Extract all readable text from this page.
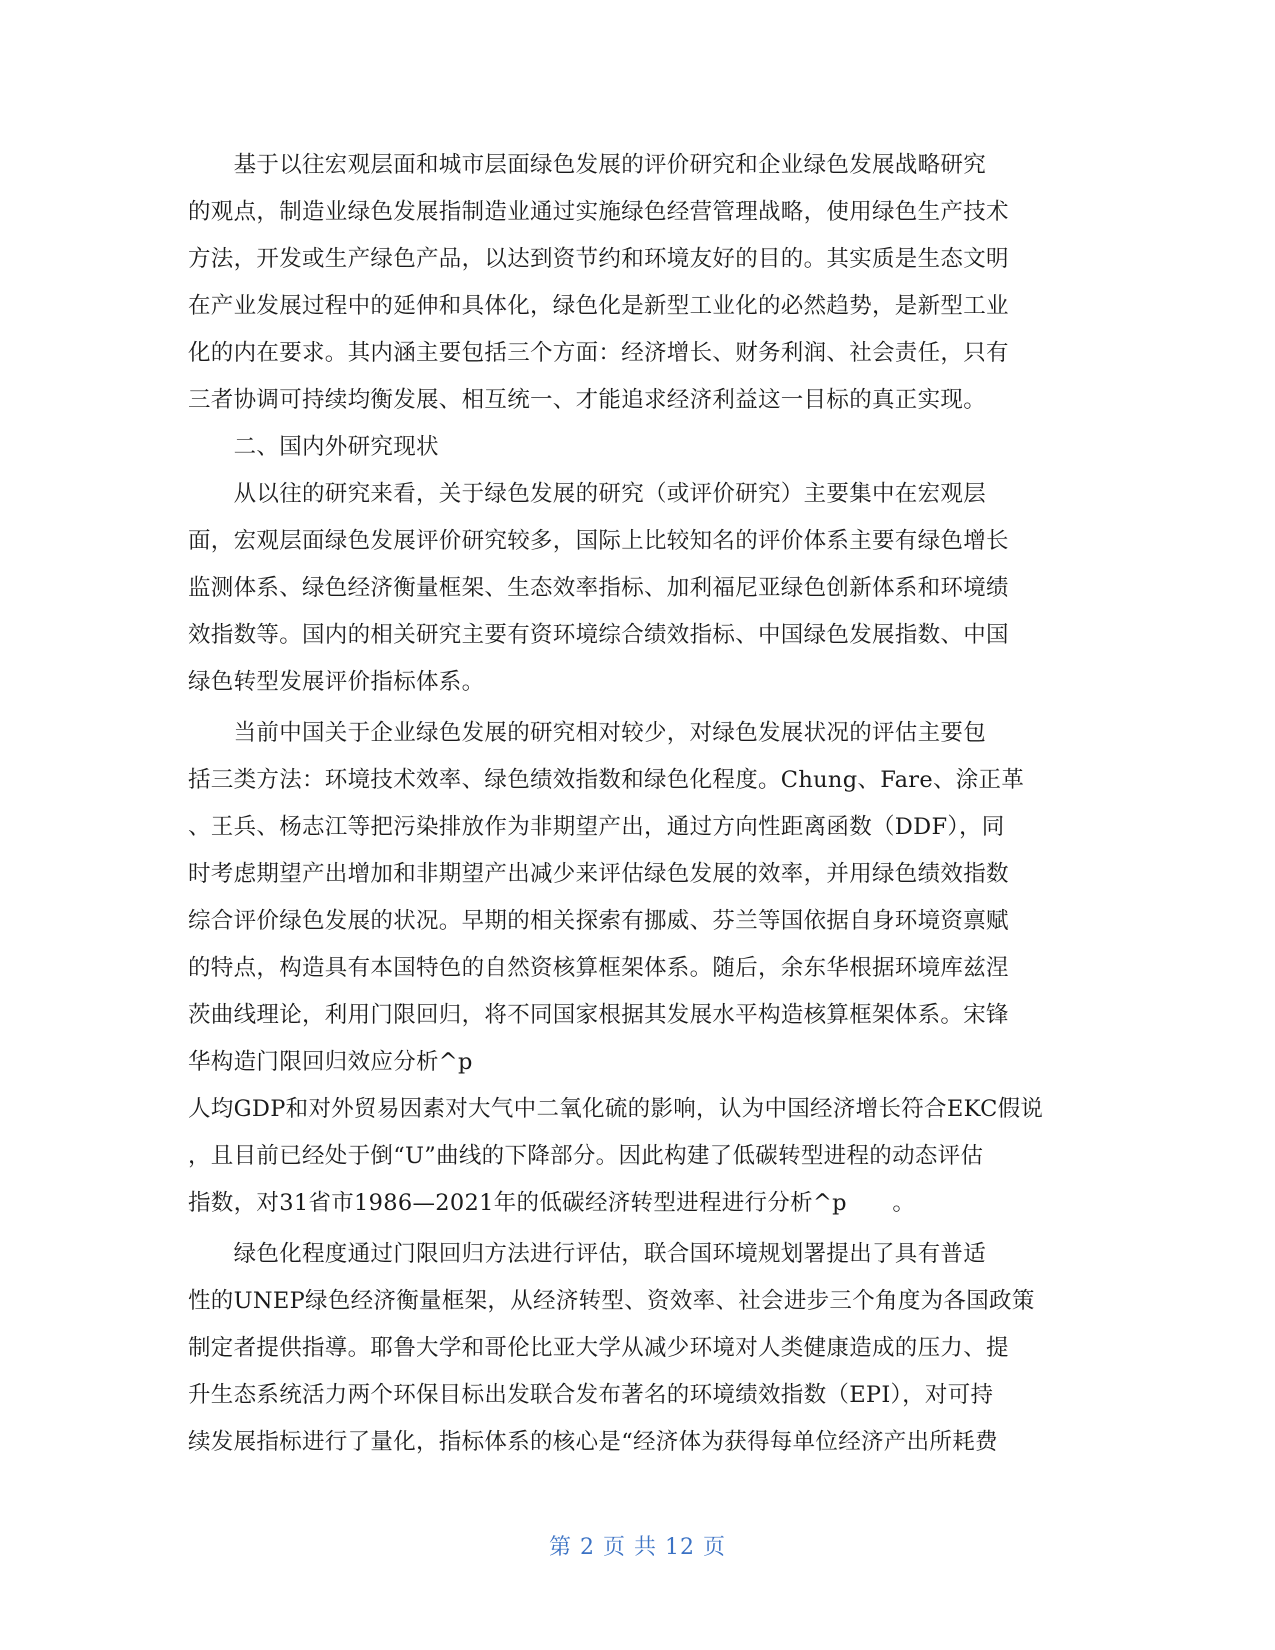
　　基于以往宏观层面和城市层面绿色发展的评价研究和企业绿色发展战略研究
的观点，制造业绿色发展指制造业通过实施绿色经营管理战略，使用绿色生产技术
方法，开发或生产绿色产品，以达到资节约和环境友好的目的。其实质是生态文明
在产业发展过程中的延伸和具体化，绿色化是新型工业化的必然趋势，是新型工业
化的内在要求。其内涵主要包括三个方面：经济增长、财务利润、社会责任，只有
三者协调可持续均衡发展、相互统一、才能追求经济利益这一目标的真正实现。

　　二、国内外研究现状

　　从以往的研究来看，关于绿色发展的研究（或评价研究）主要集中在宏观层
面，宏观层面绿色发展评价研究较多，国际上比较知名的评价体系主要有绿色增长
监测体系、绿色经济衡量框架、生态效率指标、加利福尼亚绿色创新体系和环境绩
效指数等。国内的相关研究主要有资环境综合绩效指标、中国绿色发展指数、中国
绿色转型发展评价指标体系。

　　当前中国关于企业绿色发展的研究相对较少，对绿色发展状况的评估主要包
括三类方法：环境技术效率、绿色绩效指数和绿色化程度。Chung、Fare、涂正革
、王兵、杨志江等把污染排放作为非期望产出，通过方向性距离函数（DDF），同
时考虑期望产出增加和非期望产出减少来评估绿色发展的效率，并用绿色绩效指数
综合评价绿色发展的状况。早期的相关探索有挪威、芬兰等国依据自身环境资禀赋
的特点，构造具有本国特色的自然资核算框架体系。随后，余东华根据环境库兹涅
茨曲线理论，利用门限回归，将不同国家根据其发展水平构造核算框架体系。宋锋
华构造门限回归效应分析^p
人均GDP和对外贸易因素对大气中二氧化硫的影响，认为中国经济增长符合EKC假说
，且目前已经处于倒“U”曲线的下降部分。因此构建了低碳转型进程的动态评估
指数，对31省市1986—2021年的低碳经济转型进程进行分析^p　　。

　　绿色化程度通过门限回归方法进行评估，联合国环境规划署提出了具有普适
性的UNEP绿色经济衡量框架，从经济转型、资效率、社会进步三个角度为各国政策
制定者提供指導。耶鲁大学和哥伦比亚大学从减少环境对人类健康造成的压力、提
升生态系统活力两个环保目标出发联合发布著名的环境绩效指数（EPI），对可持
续发展指标进行了量化，指标体系的核心是“经济体为获得每单位经济产出所耗费

第 2 页 共 12 页
